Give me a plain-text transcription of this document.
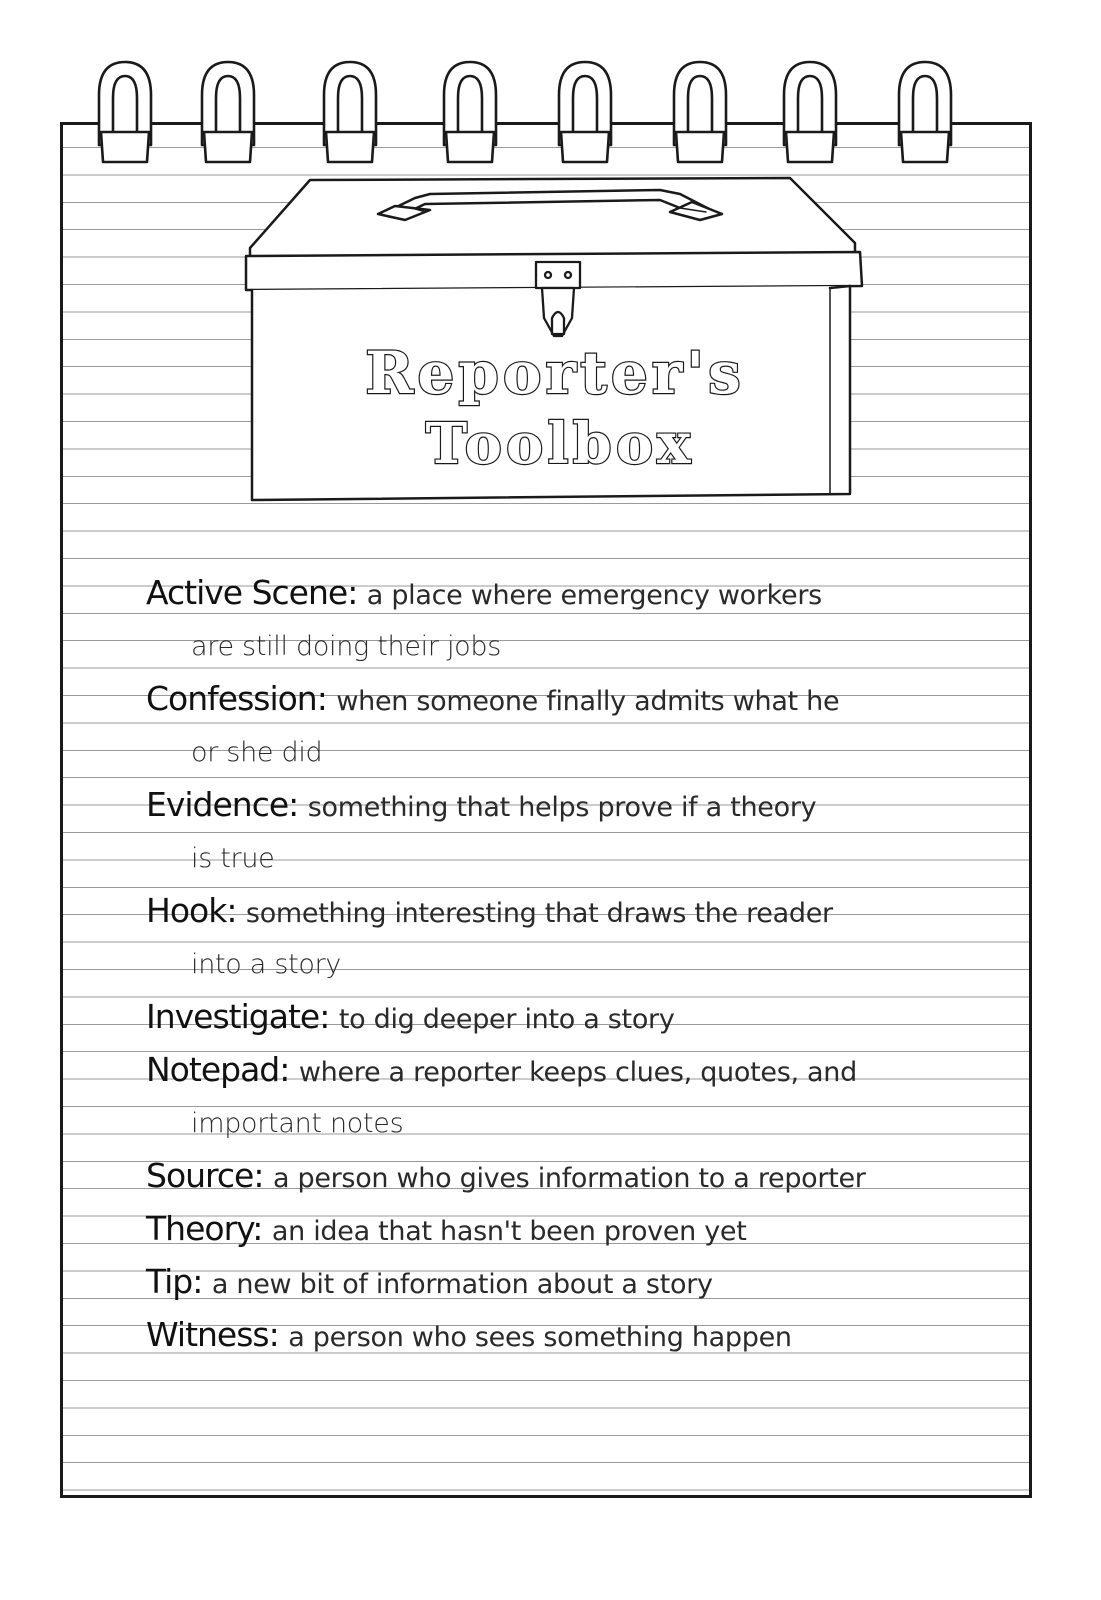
Reporter's
Toolbox
Active Scene: a place where emergency workers
are still doing their jobs
Confession: when someone finally admits what he
or she did
Evidence: something that helps prove if a theory
is true
Hook: something interesting that draws the reader
into a story
Investigate: to dig deeper into a story
Notepad: where a reporter keeps clues, quotes, and
important notes
Source: a person who gives information to a reporter
Theory: an idea that hasn't been proven yet
Tip: a new bit of information about a story
Witness: a person who sees something happen
